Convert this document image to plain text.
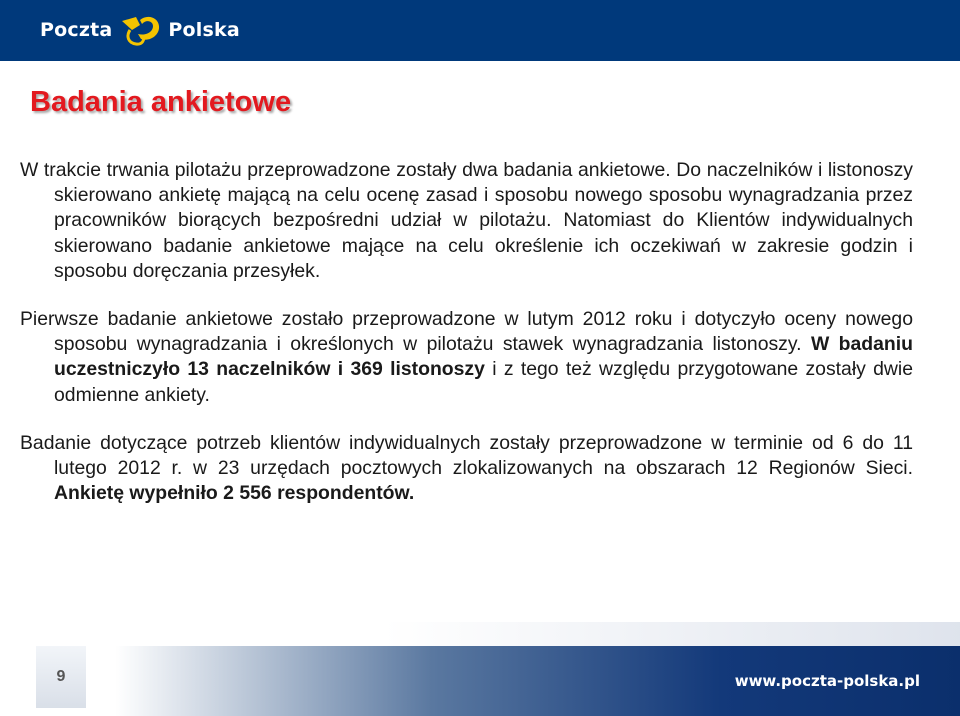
Poczta	Polska
Badania ankietowe

W trakcie trwania pilotażu przeprowadzone zostały dwa badania ankietowe. Do naczelników i listonoszy skierowano ankietę mającą na celu ocenę zasad i sposobu nowego sposobu wynagradzania przez pracowników biorących bezpośredni udział w pilotażu. Natomiast do Klientów indywidualnych skierowano badanie ankietowe mające na celu określenie ich oczekiwań w zakresie godzin i sposobu doręczania przesyłek.

Pierwsze badanie ankietowe zostało przeprowadzone w lutym 2012 roku i dotyczyło oceny nowego sposobu wynagradzania i określonych w pilotażu stawek wynagradzania listonoszy. W badaniu uczestniczyło 13 naczelników i 369 listonoszy i z tego też względu przygotowane zostały dwie odmienne ankiety.

Badanie dotyczące potrzeb klientów indywidualnych zostały przeprowadzone w terminie od 6 do 11 lutego 2012 r. w 23 urzędach pocztowych zlokalizowanych na obszarach 12 Regionów Sieci. Ankietę wypełniło 2 556 respondentów.

9	www.poczta-polska.pl
